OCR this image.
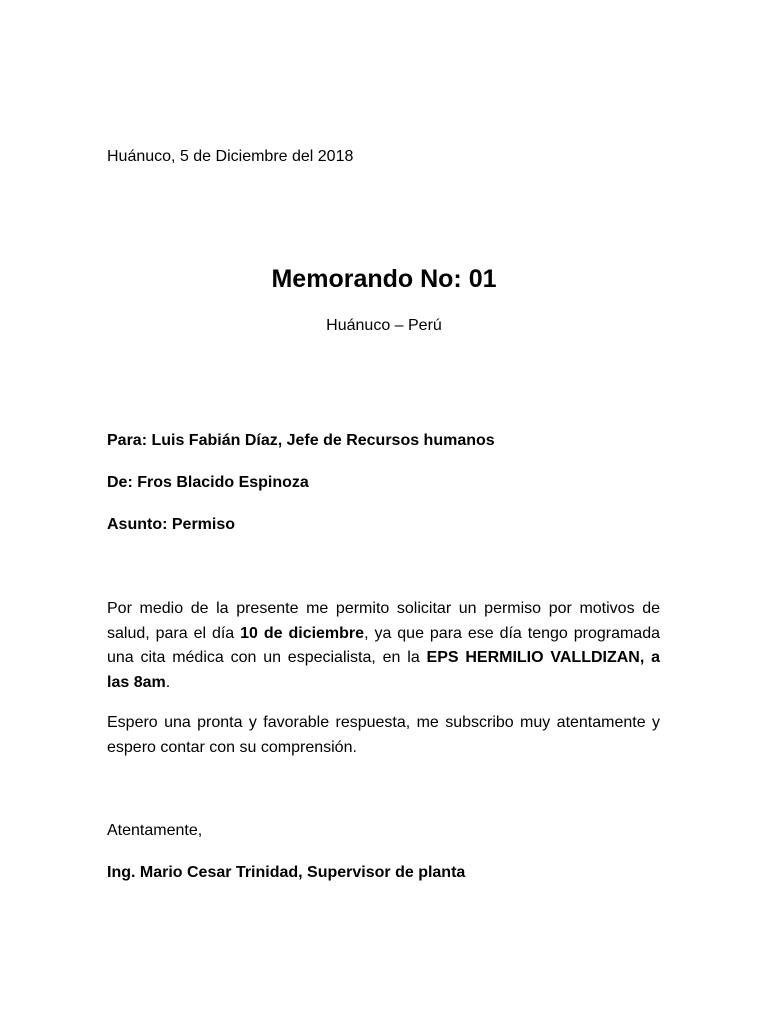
Huánuco, 5 de Diciembre del 2018
Memorando No: 01
Huánuco – Perú
Para: Luis Fabián Díaz, Jefe de Recursos humanos
De: Fros Blacido Espinoza
Asunto: Permiso
Por medio de la presente me permito solicitar un permiso por motivos de salud, para el día 10 de diciembre, ya que para ese día tengo programada una cita médica con un especialista, en la EPS HERMILIO VALLDIZAN, a las 8am.
Espero una pronta y favorable respuesta, me subscribo muy atentamente y espero contar con su comprensión.
Atentamente,
Ing. Mario Cesar Trinidad, Supervisor de planta
